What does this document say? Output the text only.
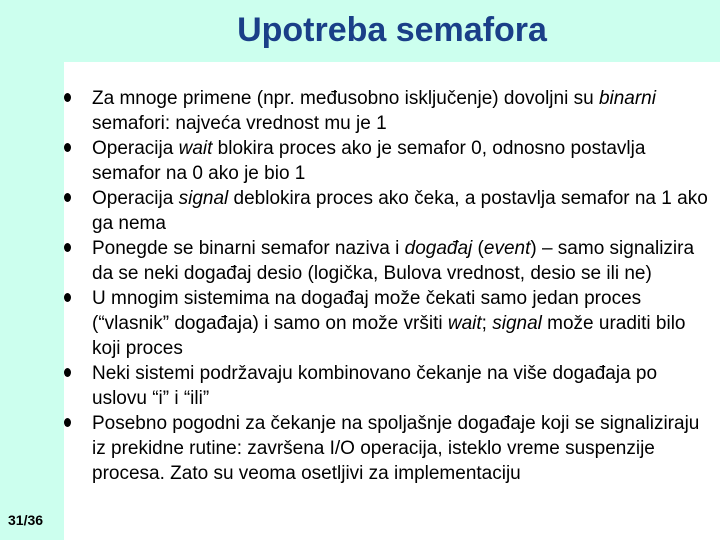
Upotreba semafora
31/36
Za mnoge primene (npr. međusobno isključenje) dovoljni su binarni semafori: najveća vrednost mu je 1
Operacija wait blokira proces ako je semafor 0, odnosno postavlja semafor na 0 ako je bio 1
Operacija signal deblokira proces ako čeka, a postavlja semafor na 1 ako ga nema
Ponegde se binarni semafor naziva i događaj (event) – samo signalizira da se neki događaj desio (logička, Bulova vrednost, desio se ili ne)
U mnogim sistemima na događaj može čekati samo jedan proces (“vlasnik” događaja) i samo on može vršiti wait; signal može uraditi bilo koji proces
Neki sistemi podržavaju kombinovano čekanje na više događaja po uslovu “i” i “ili”
Posebno pogodni za čekanje na spoljašnje događaje koji se signaliziraju iz prekidne rutine: završena I/O operacija, isteklo vreme suspenzije procesa. Zato su veoma osetljivi za implementaciju
